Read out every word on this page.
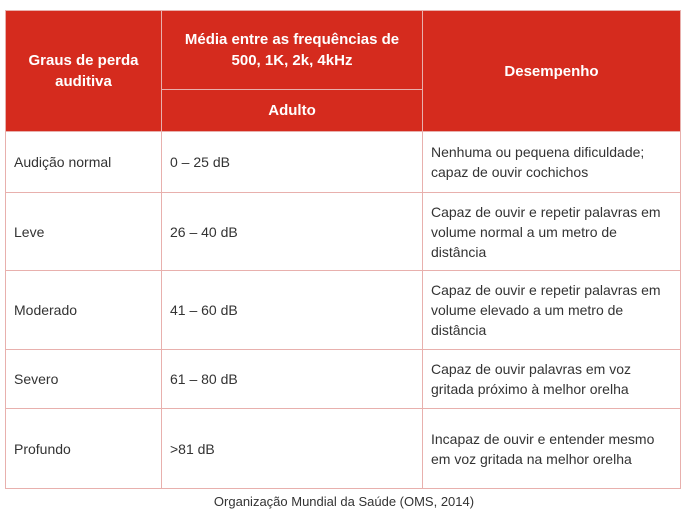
Graus de perda auditiva	Média entre as frequências de 500, 1K, 2k, 4kHz	Desempenho
	Adulto	
Audição normal	0 – 25 dB	Nenhuma ou pequena dificuldade; capaz de ouvir cochichos
Leve	26 – 40 dB	Capaz de ouvir e repetir palavras em volume normal a um metro de distância
Moderado	41 – 60 dB	Capaz de ouvir e repetir palavras em volume elevado a um metro de distância
Severo	61 – 80 dB	Capaz de ouvir palavras em voz gritada próximo à melhor orelha
Profundo	>81 dB	Incapaz de ouvir e entender mesmo em voz gritada na melhor orelha
Organização Mundial da Saúde (OMS, 2014)
